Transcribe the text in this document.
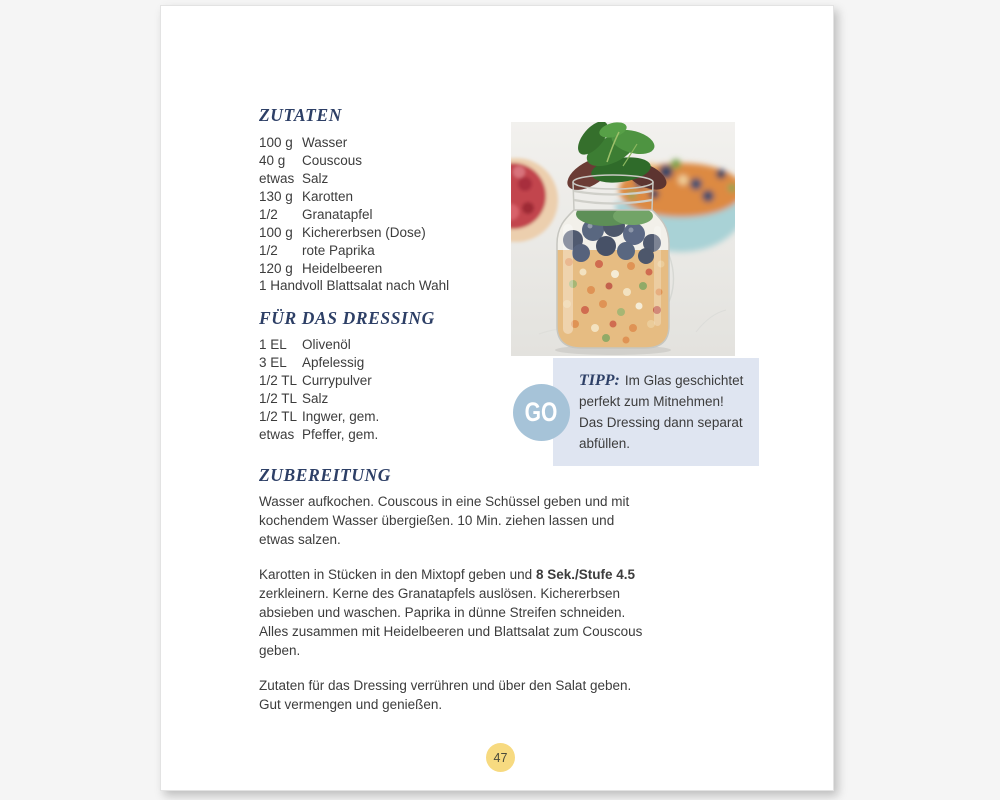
ZUTATEN
100 g Wasser
40 g	Couscous
etwas Salz
130 g Karotten
1/2	Granatapfel
100 g Kichererbsen (Dose)
1/2	rote Paprika
120 g Heidelbeeren
1 Handvoll Blattsalat nach Wahl
FÜR DAS DRESSING
1 EL	Olivenöl
3 EL	Apfelessig
1/2 TL Currypulver
1/2 TL Salz
1/2 TL Ingwer, gem.
etwas Pfeffer, gem.
TIPP: Im Glas geschichtet
perfekt zum Mitnehmen!
Das Dressing dann separat
abfüllen.
GO
ZUBEREITUNG

Wasser aufkochen. Couscous in eine Schüssel geben und mit
kochendem Wasser übergießen. 10 Min. ziehen lassen und
etwas salzen.

Karotten in Stücken in den Mixtopf geben und 8 Sek./Stufe 4.5
zerkleinern. Kerne des Granatapfels auslösen. Kichererbsen
absieben und waschen. Paprika in dünne Streifen schneiden.
Alles zusammen mit Heidelbeeren und Blattsalat zum Couscous
geben.

Zutaten für das Dressing verrühren und über den Salat geben.
Gut vermengen und genießen.

47
